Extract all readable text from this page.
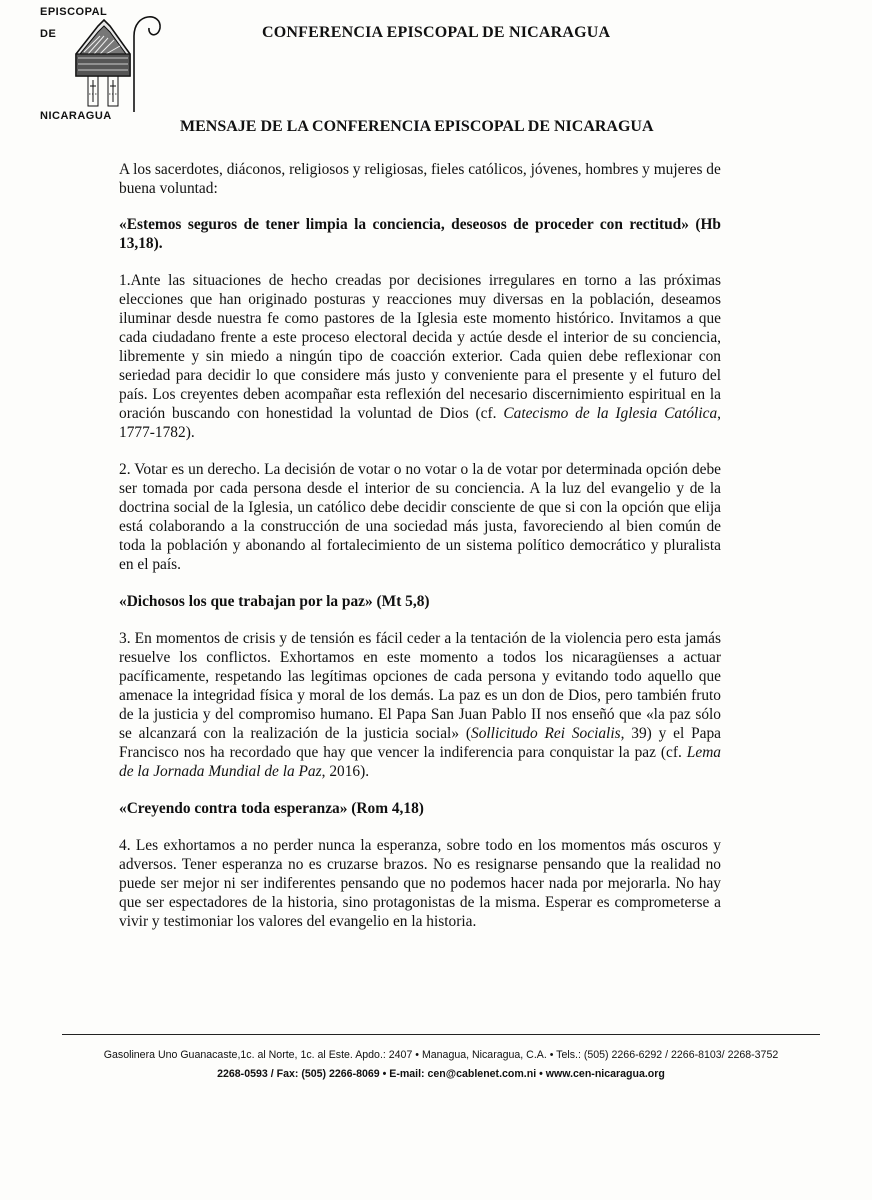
EPISCOPAL
DE
NICARAGUA
CONFERENCIA EPISCOPAL DE NICARAGUA
MENSAJE DE LA CONFERENCIA EPISCOPAL DE NICARAGUA

A los sacerdotes, diáconos, religiosos y religiosas, fieles católicos, jóvenes, hombres y mujeres de buena voluntad:

«Estemos seguros de tener limpia la conciencia, deseosos de proceder con rectitud» (Hb 13,18).

1.Ante las situaciones de hecho creadas por decisiones irregulares en torno a las próximas elecciones que han originado posturas y reacciones muy diversas en la población, deseamos iluminar desde nuestra fe como pastores de la Iglesia este momento histórico. Invitamos a que cada ciudadano frente a este proceso electoral decida y actúe desde el interior de su conciencia, libremente y sin miedo a ningún tipo de coacción exterior. Cada quien debe reflexionar con seriedad para decidir lo que considere más justo y conveniente para el presente y el futuro del país. Los creyentes deben acompañar esta reflexión del necesario discernimiento espiritual en la oración buscando con honestidad la voluntad de Dios (cf. Catecismo de la Iglesia Católica, 1777-1782).

2. Votar es un derecho. La decisión de votar o no votar o la de votar por determinada opción debe ser tomada por cada persona desde el interior de su conciencia. A la luz del evangelio y de la doctrina social de la Iglesia, un católico debe decidir consciente de que si con la opción que elija está colaborando a la construcción de una sociedad más justa, favoreciendo al bien común de toda la población y abonando al fortalecimiento de un sistema político democrático y pluralista en el país.

«Dichosos los que trabajan por la paz» (Mt 5,8)

3. En momentos de crisis y de tensión es fácil ceder a la tentación de la violencia pero esta jamás resuelve los conflictos. Exhortamos en este momento a todos los nicaragüenses a actuar pacíficamente, respetando las legítimas opciones de cada persona y evitando todo aquello que amenace la integridad física y moral de los demás. La paz es un don de Dios, pero también fruto de la justicia y del compromiso humano. El Papa San Juan Pablo II nos enseñó que «la paz sólo se alcanzará con la realización de la justicia social» (Sollicitudo Rei Socialis, 39) y el Papa Francisco nos ha recordado que hay que vencer la indiferencia para conquistar la paz (cf. Lema de la Jornada Mundial de la Paz, 2016).

«Creyendo contra toda esperanza» (Rom 4,18)

4. Les exhortamos a no perder nunca la esperanza, sobre todo en los momentos más oscuros y adversos. Tener esperanza no es cruzarse brazos. No es resignarse pensando que la realidad no puede ser mejor ni ser indiferentes pensando que no podemos hacer nada por mejorarla. No hay que ser espectadores de la historia, sino protagonistas de la misma. Esperar es comprometerse a vivir y testimoniar los valores del evangelio en la historia.

Gasolinera Uno Guanacaste,1c. al Norte, 1c. al Este. Apdo.: 2407 • Managua, Nicaragua, C.A. • Tels.: (505) 2266-6292 / 2266-8103/ 2268-3752
2268-0593 / Fax: (505) 2266-8069 • E-mail: cen@cablenet.com.ni • www.cen-nicaragua.org
